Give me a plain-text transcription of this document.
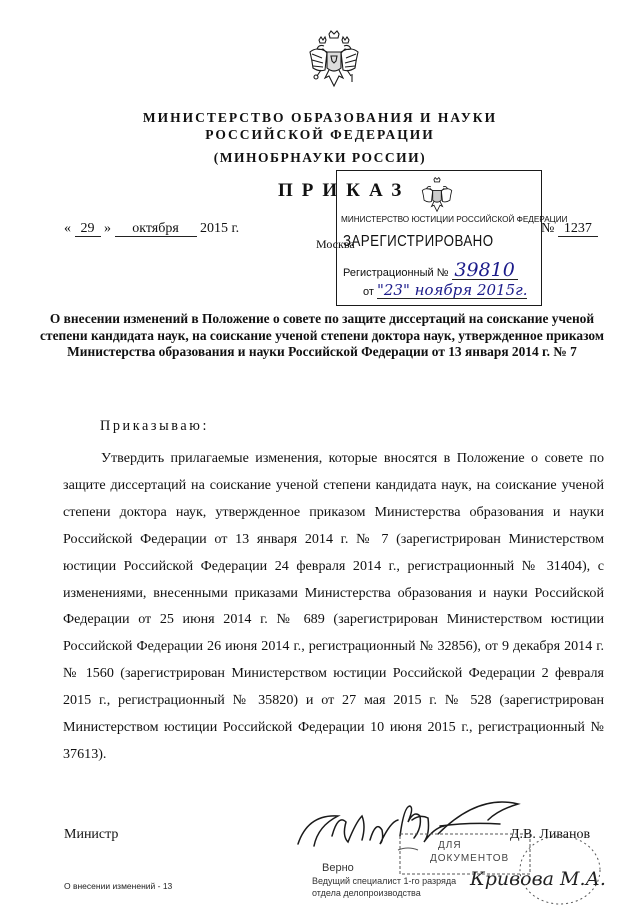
МИНИСТЕРСТВО ОБРАЗОВАНИЯ И НАУКИ
РОССИЙСКОЙ ФЕДЕРАЦИИ
(МИНОБРНАУКИ РОССИИ)
ПРИКАЗ
« 29 » октября 2015 г.
Москва
№ 1237
МИНИСТЕРСТВО ЮСТИЦИИ РОССИЙСКОЙ ФЕДЕРАЦИИ
ЗАРЕГИСТРИРОВАНО
Регистрационный № 39810
от "23" ноября 2015г.
О внесении изменений в Положение о совете по защите диссертаций на соискание ученой степени кандидата наук, на соискание ученой степени доктора наук, утвержденное приказом Министерства образования и науки Российской Федерации от 13 января 2014 г. № 7
Приказываю:

Утвердить прилагаемые изменения, которые вносятся в Положение о совете по защите диссертаций на соискание ученой степени кандидата наук, на соискание ученой степени доктора наук, утвержденное приказом Министерства образования и науки Российской Федерации от 13 января 2014 г. № 7 (зарегистрирован Министерством юстиции Российской Федерации 24 февраля 2014 г., регистрационный № 31404), с изменениями, внесенными приказами Министерства образования и науки Российской Федерации от 25 июня 2014 г. № 689 (зарегистрирован Министерством юстиции Российской Федерации 26 июня 2014 г., регистрационный № 32856), от 9 декабря 2014 г. № 1560 (зарегистрирован Министерством юстиции Российской Федерации 2 февраля 2015 г., регистрационный № 35820) и от 27 мая 2015 г. № 528 (зарегистрирован Министерством юстиции Российской Федерации 10 июня 2015 г., регистрационный № 37613).

Министр	Д.В. Ливанов
ДЛЯ
ДОКУМЕНТОВ
Верно
Ведущий специалист 1-го разряда
отдела делопроизводства
Кривова М.А.
О внесении изменений - 13
